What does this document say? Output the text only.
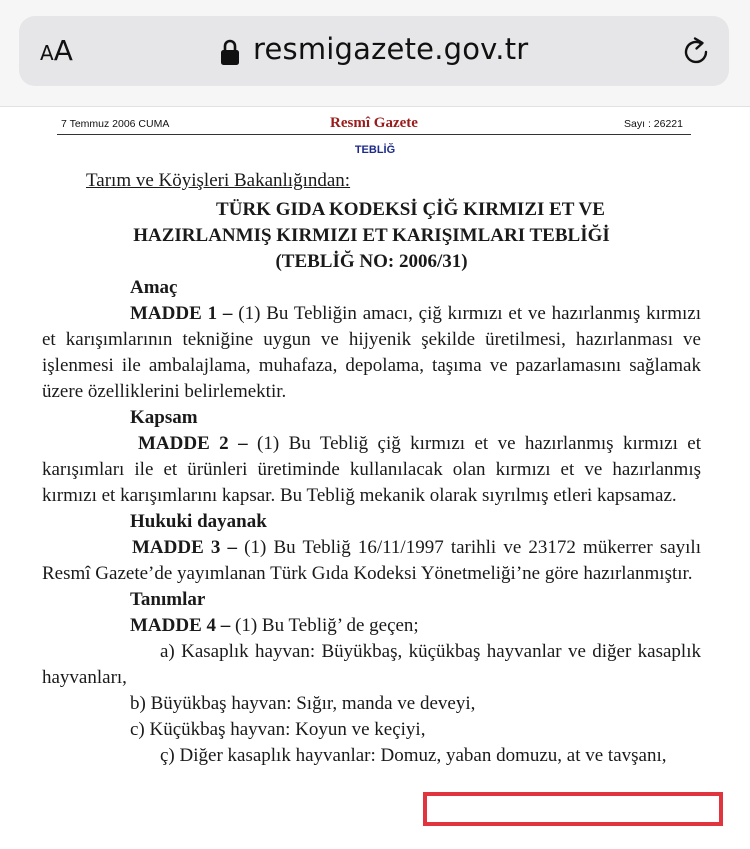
AA	resmigazete.gov.tr
7 Temmuz 2006 CUMA	Resmî Gazete	Sayı : 26221
TEBLİĞ
Tarım ve Köyişleri Bakanlığından:
TÜRK GIDA KODEKSİ ÇİĞ KIRMIZI ET VE
HAZIRLANMIŞ KIRMIZI ET KARIŞIMLARI TEBLİĞİ
(TEBLİĞ NO: 2006/31)
Amaç
MADDE 1 – (1) Bu Tebliğin amacı, çiğ kırmızı et ve hazırlanmış kırmızı et karışımlarının tekniğine uygun ve hijyenik şekilde üretilmesi, hazırlanması ve işlenmesi ile ambalajlama, muhafaza, depolama, taşıma ve pazarlamasını sağlamak üzere özelliklerini belirlemektir.
Kapsam
MADDE 2 – (1) Bu Tebliğ çiğ kırmızı et ve hazırlanmış kırmızı et karışımları ile et ürünleri üretiminde kullanılacak olan kırmızı et ve hazırlanmış kırmızı et karışımlarını kapsar. Bu Tebliğ mekanik olarak sıyrılmış etleri kapsamaz.
Hukuki dayanak
MADDE 3 – (1) Bu Tebliğ 16/11/1997 tarihli ve 23172 mükerrer sayılı Resmî Gazete’de yayımlanan Türk Gıda Kodeksi Yönetmeliği’ne göre hazırlanmıştır.
Tanımlar
MADDE 4 – (1) Bu Tebliğ’ de geçen;
a) Kasaplık hayvan: Büyükbaş, küçükbaş hayvanlar ve diğer kasaplık hayvanları,
b) Büyükbaş hayvan: Sığır, manda ve deveyi,
c) Küçükbaş hayvan: Koyun ve keçiyi,
ç) Diğer kasaplık hayvanlar: Domuz, yaban domuzu, at ve tavşanı,
